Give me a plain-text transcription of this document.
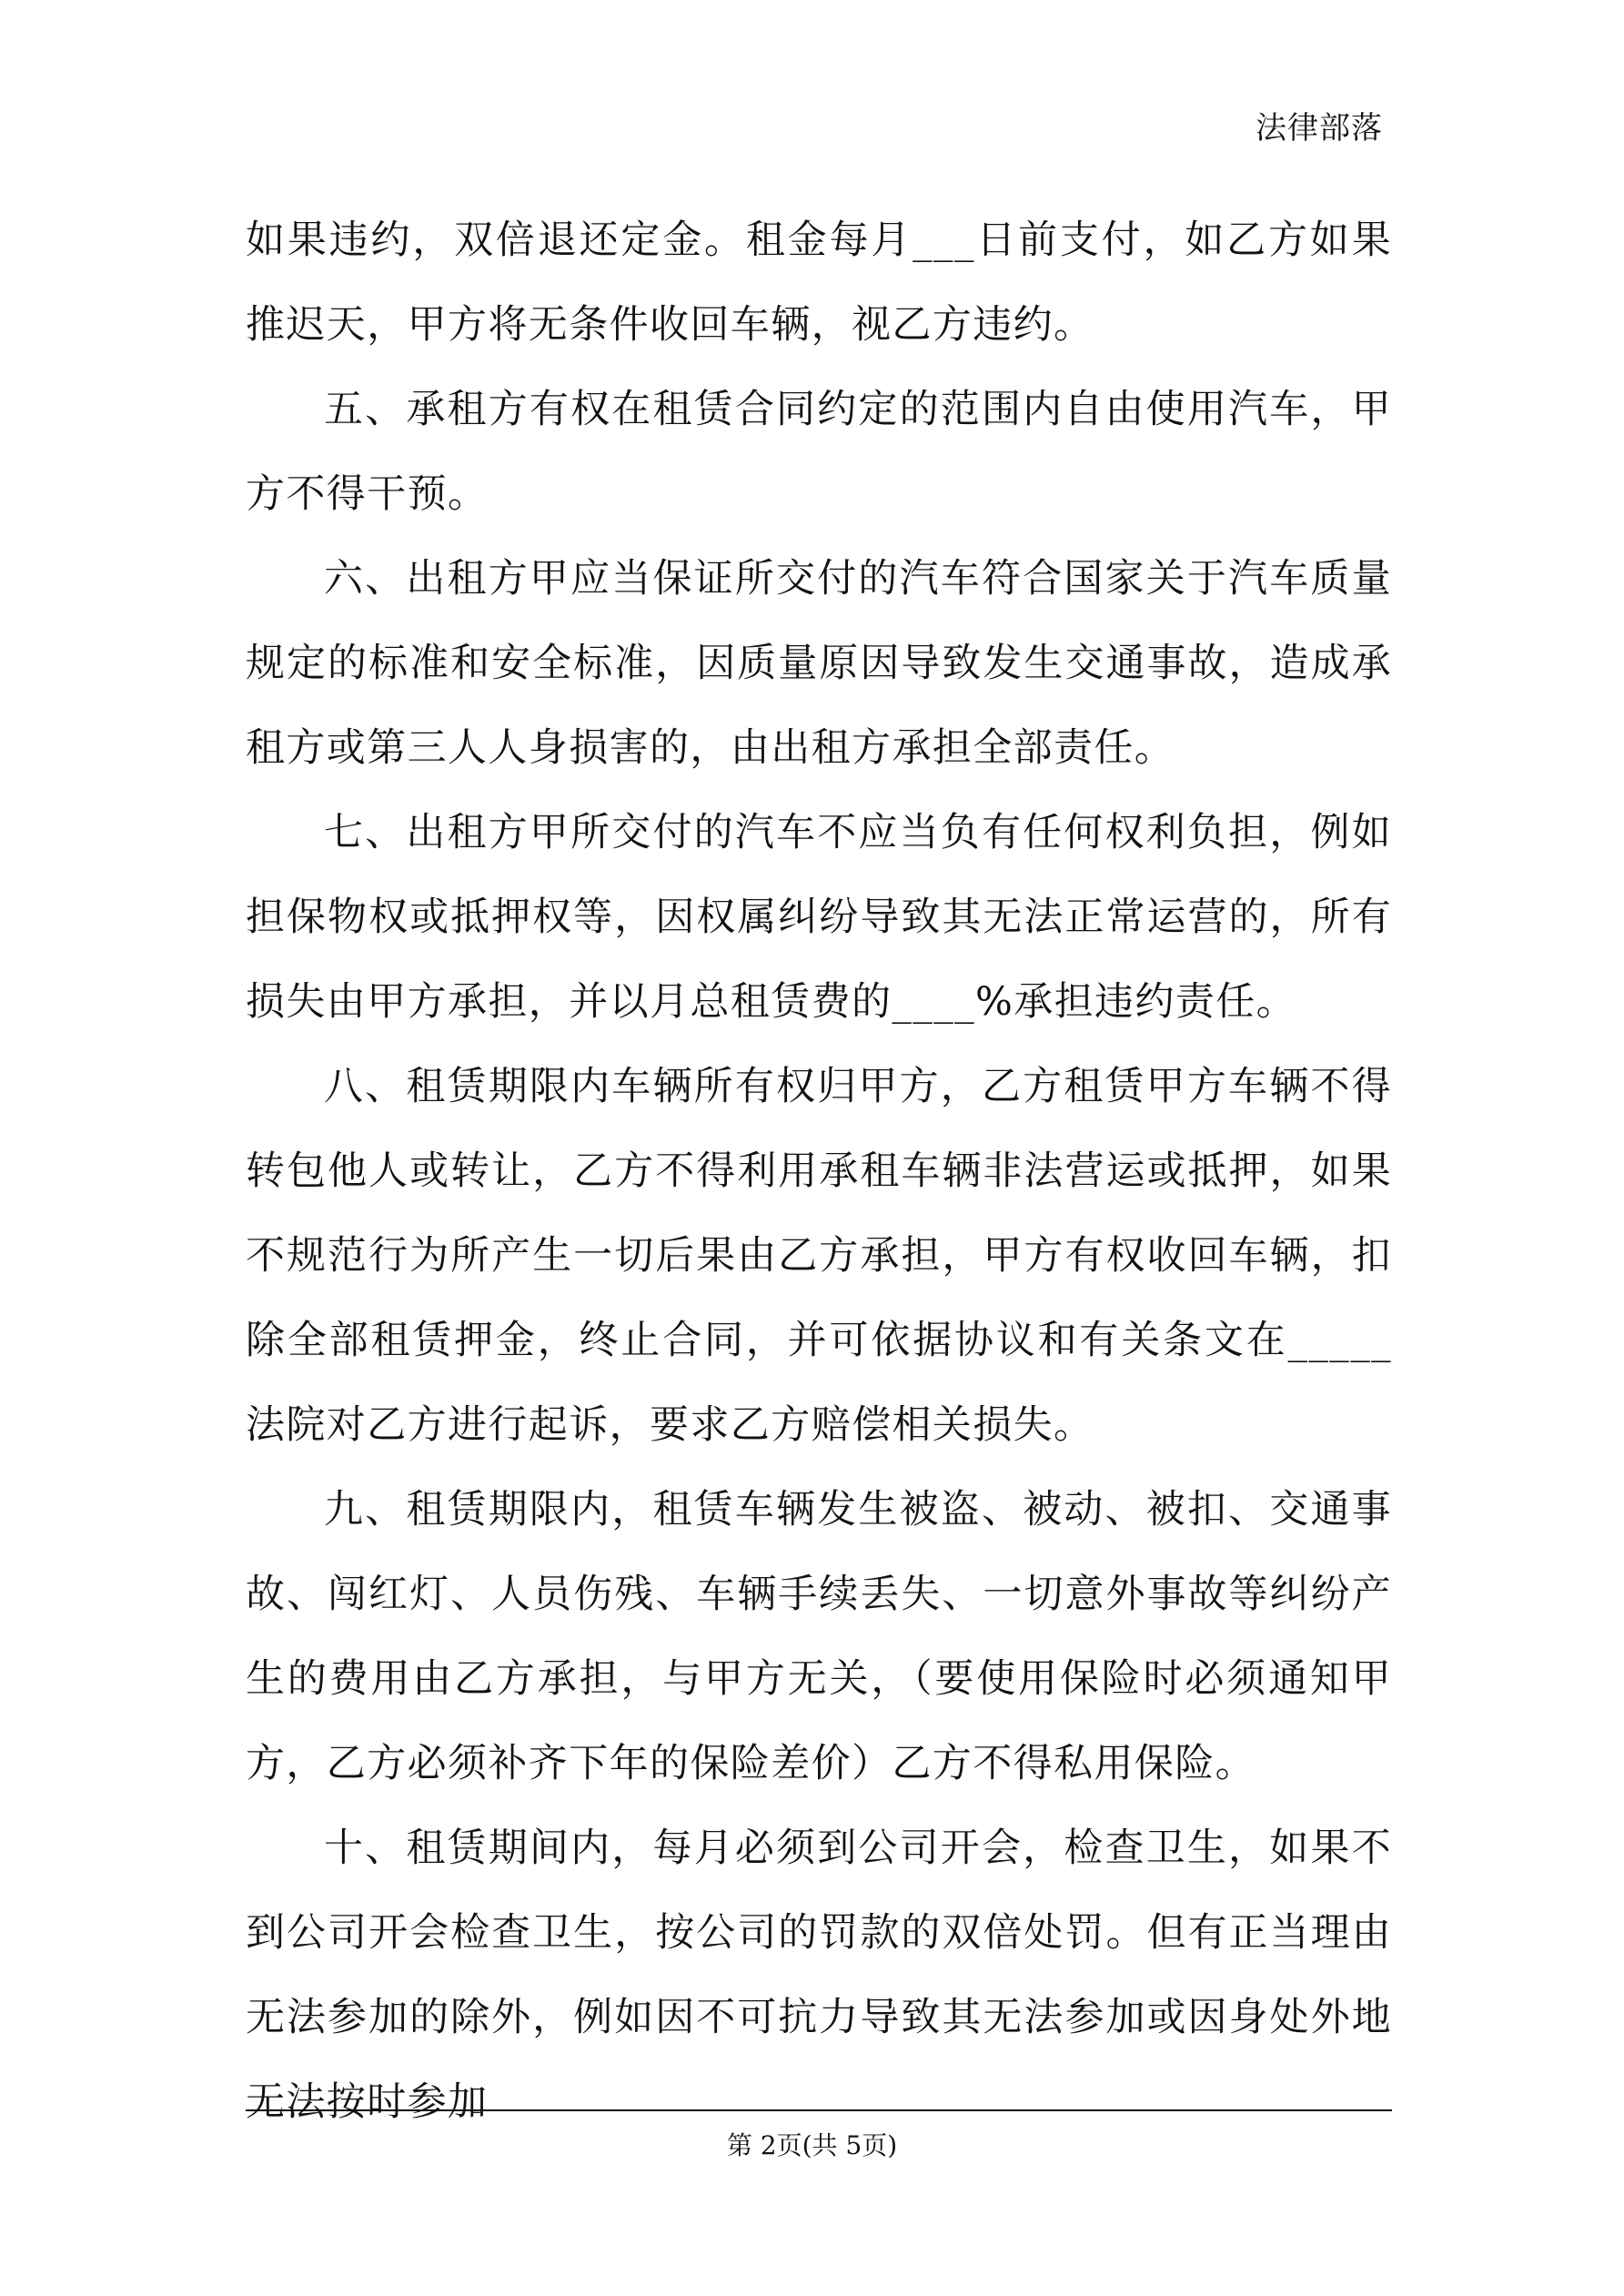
法律部落

如果违约，双倍退还定金。租金每月___日前支付，如乙方如果推迟天，甲方将无条件收回车辆，视乙方违约。

五、承租方有权在租赁合同约定的范围内自由使用汽车，甲方不得干预。

六、出租方甲应当保证所交付的汽车符合国家关于汽车质量规定的标准和安全标准，因质量原因导致发生交通事故，造成承租方或第三人人身损害的，由出租方承担全部责任。

七、出租方甲所交付的汽车不应当负有任何权利负担，例如担保物权或抵押权等，因权属纠纷导致其无法正常运营的，所有损失由甲方承担，并以月总租赁费的____%承担违约责任。

八、租赁期限内车辆所有权归甲方，乙方租赁甲方车辆不得转包他人或转让，乙方不得利用承租车辆非法营运或抵押，如果不规范行为所产生一切后果由乙方承担，甲方有权收回车辆，扣除全部租赁押金，终止合同，并可依据协议和有关条文在_____法院对乙方进行起诉，要求乙方赔偿相关损失。

九、租赁期限内，租赁车辆发生被盗、被动、被扣、交通事故、闯红灯、人员伤残、车辆手续丢失、一切意外事故等纠纷产生的费用由乙方承担，与甲方无关，（要使用保险时必须通知甲方，乙方必须补齐下年的保险差价）乙方不得私用保险。

十、租赁期间内，每月必须到公司开会，检查卫生，如果不到公司开会检查卫生，按公司的罚款的双倍处罚。但有正当理由无法参加的除外，例如因不可抗力导致其无法参加或因身处外地无法按时参加

第 2页(共 5页)
